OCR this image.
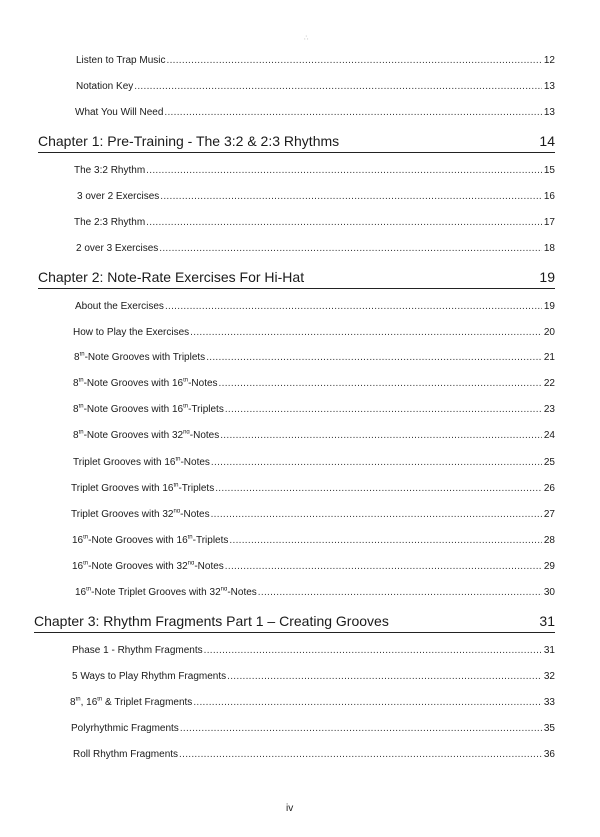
∴
Listen to Trap Music .....	12
Notation Key .....	13
What You Will Need .....	13
Chapter 1: Pre-Training - The 3:2 & 2:3 Rhythms	14
The 3:2 Rhythm .....	15
3 over 2 Exercises .....	16
The 2:3 Rhythm .....	17
2 over 3 Exercises .....	18
Chapter 2: Note-Rate Exercises For Hi-Hat	19
About the Exercises .....	19
How to Play the Exercises .....	20
8th-Note Grooves with Triplets .....	21
8th-Note Grooves with 16th-Notes .....	22
8th-Note Grooves with 16th-Triplets .....	23
8th-Note Grooves with 32nd-Notes .....	24
Triplet Grooves with 16th-Notes .....	25
Triplet Grooves with 16th-Triplets .....	26
Triplet Grooves with 32nd-Notes .....	27
16th-Note Grooves with 16th-Triplets .....	28
16th-Note Grooves with 32nd-Notes .....	29
16th-Note Triplet Grooves with 32nd-Notes .....	30
Chapter 3: Rhythm Fragments Part 1 – Creating Grooves	31
Phase 1 - Rhythm Fragments .....	31
5 Ways to Play Rhythm Fragments .....	32
8th, 16th & Triplet Fragments .....	33
Polyrhythmic Fragments .....	35
Roll Rhythm Fragments .....	36
iv
